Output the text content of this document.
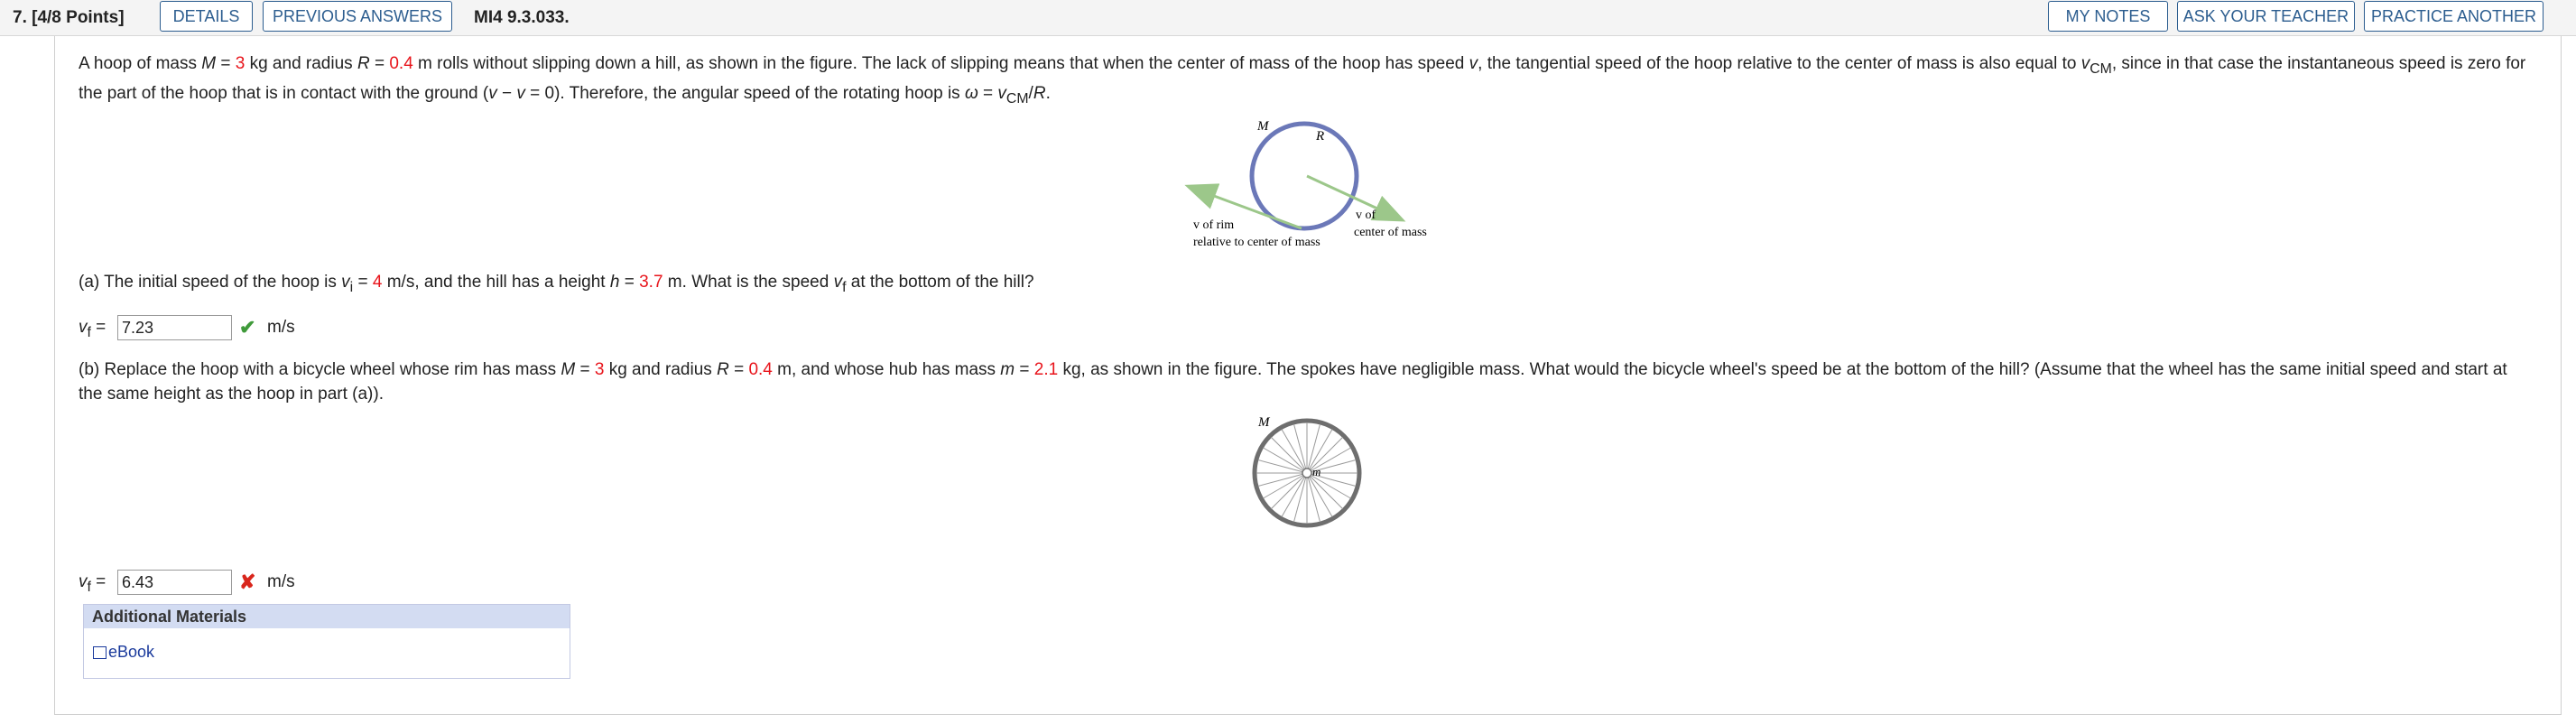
7. [4/8 Points]	DETAILS	PREVIOUS ANSWERS	MI4 9.3.033.	MY NOTES	ASK YOUR TEACHER	PRACTICE ANOTHER
A hoop of mass M = 3 kg and radius R = 0.4 m rolls without slipping down a hill, as shown in the figure. The lack of slipping means that when the center of mass of the hoop has speed v, the tangential speed of the hoop relative to the center of mass is also equal to $v_{CM}$, since in that case the instantaneous speed is zero for the part of the hoop that is in contact with the ground (v − v = 0). Therefore, the angular speed of the rotating hoop is $\omega = v_{CM}/R$.
M
R
v of rim
relative to center of mass
v of
center of mass
(a) The initial speed of the hoop is $v_i = 4$ m/s, and the hill has a height h = 3.7 m. What is the speed $v_f$ at the bottom of the hill?
$v_f$ =
7.23	✔ m/s
(b) Replace the hoop with a bicycle wheel whose rim has mass M = 3 kg and radius R = 0.4 m, and whose hub has mass m = 2.1 kg, as shown in the figure. The spokes have negligible mass. What would the bicycle wheel's speed be at the bottom of the hill? (Assume that the wheel has the same initial speed and start at the same height as the hoop in part (a)).
M
m
$v_f$ =
6.43	✘ m/s
Additional Materials
eBook
